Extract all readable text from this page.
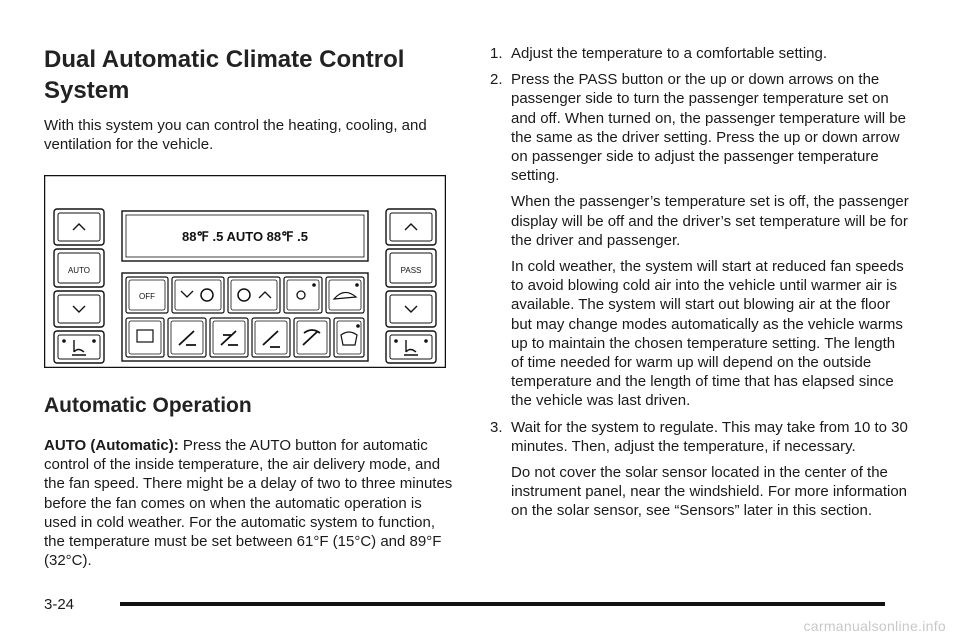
Dual Automatic Climate Control System

With this system you can control the heating, cooling, and ventilation for the vehicle.

AUTO	PASS
88℉ .5 AUTO 88℉ .5
OFF
Automatic Operation

AUTO (Automatic): Press the AUTO button for automatic control of the inside temperature, the air delivery mode, and the fan speed. There might be a delay of two to three minutes before the fan comes on when the automatic operation is used in cold weather. For the automatic system to function, the temperature must be set between 61°F (15°C) and 89°F (32°C).

1. Adjust the temperature to a comfortable setting.

2. Press the PASS button or the up or down arrows on the passenger side to turn the passenger temperature set on and off. When turned on, the passenger temperature will be the same as the driver setting. Press the up or down arrow on passenger side to adjust the passenger temperature setting.

When the passenger’s temperature set is off, the passenger display will be off and the driver’s set temperature will be for the driver and passenger.

In cold weather, the system will start at reduced fan speeds to avoid blowing cold air into the vehicle until warmer air is available. The system will start out blowing air at the floor but may change modes automatically as the vehicle warms up to maintain the chosen temperature setting. The length of time needed for warm up will depend on the outside temperature and the length of time that has elapsed since the vehicle was last driven.

3. Wait for the system to regulate. This may take from 10 to 30 minutes. Then, adjust the temperature, if necessary.

Do not cover the solar sensor located in the center of the instrument panel, near the windshield. For more information on the solar sensor, see “Sensors” later in this section.

3-24
carmanualsonline.info
